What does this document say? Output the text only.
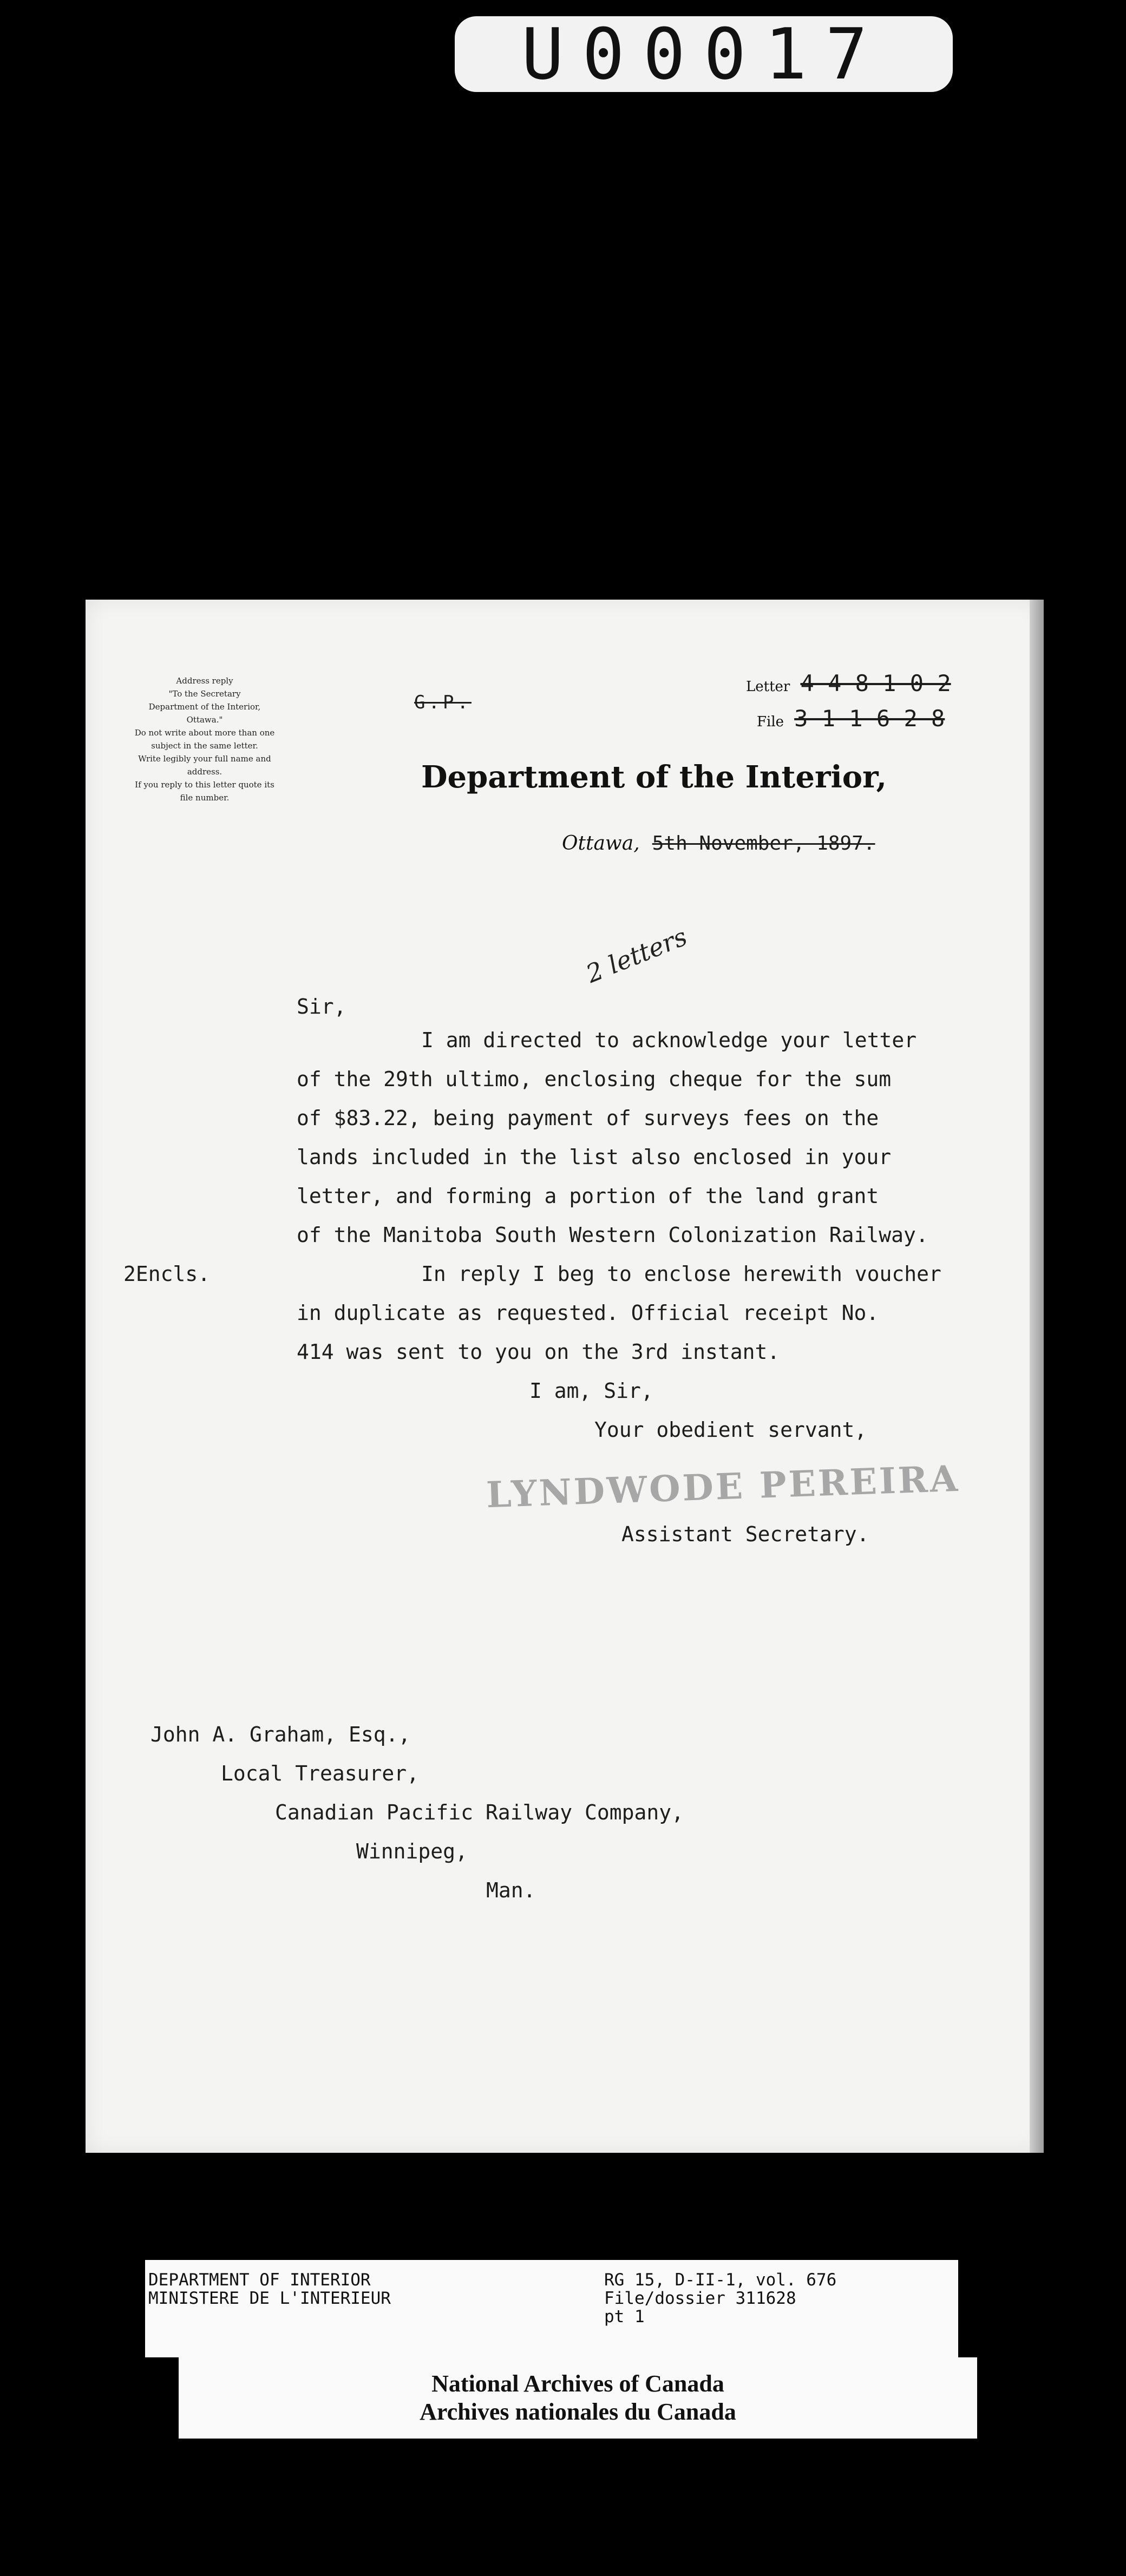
U00017
Address reply
"To the Secretary
Department of the Interior,
Ottawa."
Do not write about more than one
subject in the same letter.
Write legibly your full name and
address.
If you reply to this letter quote its
file number.
G.P.
Letter 4 4 8 1 0 2
File 3 1 1 6 2 8
Department of the Interior,
Ottawa, 5th November, 1897.
2 letters
Sir,
I am directed to acknowledge your letter
of the 29th ultimo, enclosing cheque for the sum
of $83.22, being payment of surveys fees on the
lands included in the list also enclosed in your
letter, and forming a portion of the land grant
of the Manitoba South Western Colonization Railway.
2Encls.	In reply I beg to enclose herewith voucher
in duplicate as requested. Official receipt No.
414 was sent to you on the 3rd instant.
I am, Sir,
Your obedient servant,
LYNDWODE PEREIRA
Assistant Secretary.
John A. Graham, Esq.,
Local Treasurer,
Canadian Pacific Railway Company,
Winnipeg,
Man.
DEPARTMENT OF INTERIOR
MINISTERE DE L'INTERIEUR
RG 15, D-II-1, vol. 676
File/dossier 311628
pt 1
National Archives of Canada
Archives nationales du Canada
